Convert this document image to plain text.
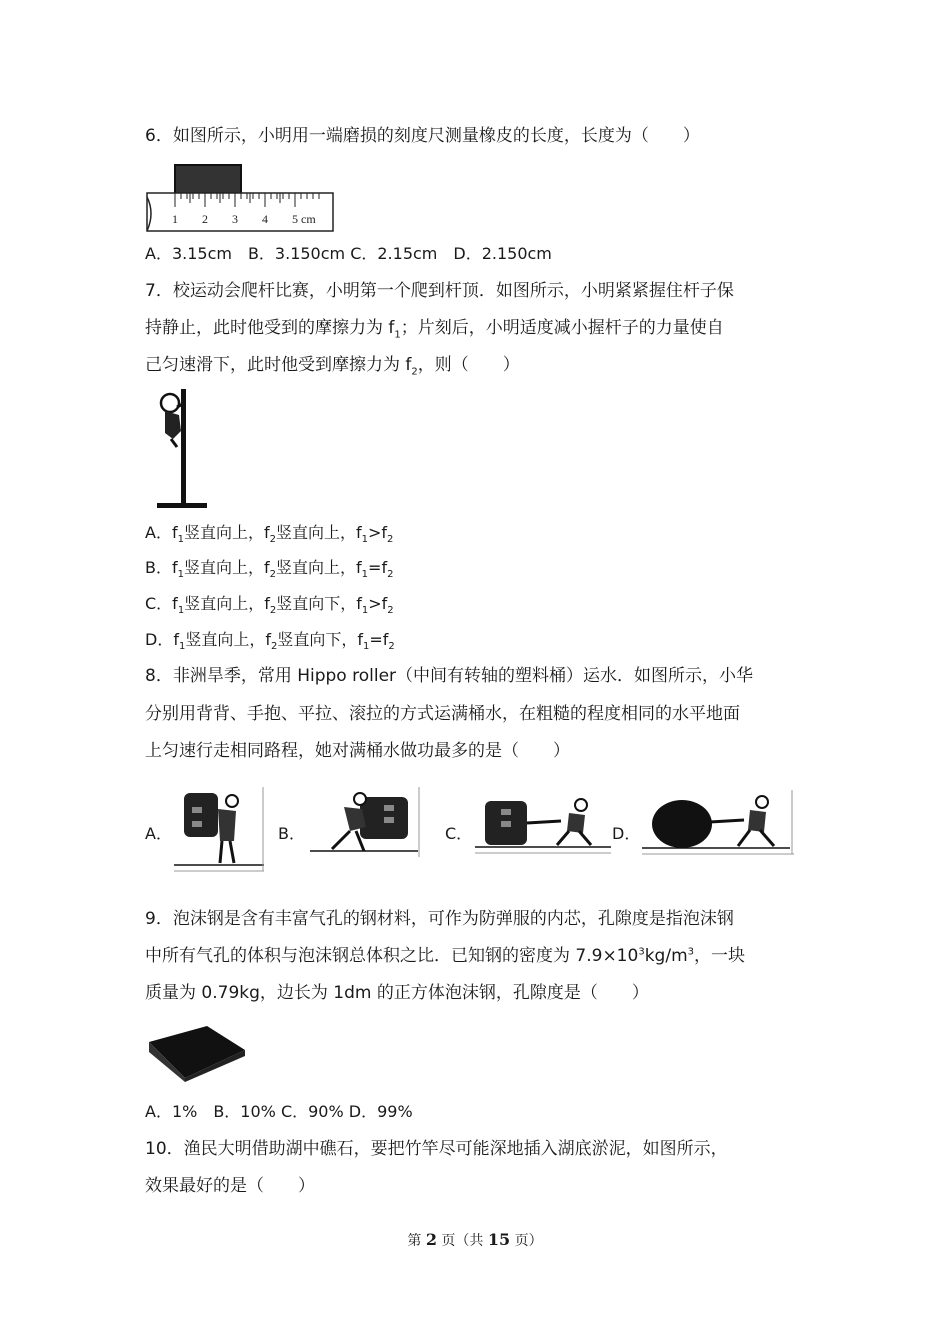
6．如图所示，小明用一端磨损的刻度尺测量橡皮的长度，长度为（　　）
1 2 3 4 5 cm
A．3.15cm　B．3.150cm C．2.15cm　D．2.150cm
7．校运动会爬杆比赛，小明第一个爬到杆顶．如图所示，小明紧紧握住杆子保
持静止，此时他受到的摩擦力为 $f_1$；片刻后，小明适度减小握杆子的力量使自
己匀速滑下，此时他受到摩擦力为 $f_2$，则（　　）
A．$f_1$竖直向上，$f_2$竖直向上，$f_1>f_2$
B．$f_1$竖直向上，$f_2$竖直向上，$f_1=f_2$
C．$f_1$竖直向上，$f_2$竖直向下，$f_1>f_2$
D．$f_1$竖直向上，$f_2$竖直向下，$f_1=f_2$
8．非洲旱季，常用 Hippo roller（中间有转轴的塑料桶）运水．如图所示，小华
分别用背背、手抱、平拉、滚拉的方式运满桶水，在粗糙的程度相同的水平地面
上匀速行走相同路程，她对满桶水做功最多的是（　　）
A．	B．	C．	D．
9．泡沫钢是含有丰富气孔的钢材料，可作为防弹服的内芯，孔隙度是指泡沫钢
中所有气孔的体积与泡沫钢总体积之比．已知钢的密度为 $7.9\times 10^3kg/m^3$，一块
质量为 0.79kg，边长为 1dm 的正方体泡沫钢，孔隙度是（　　）
A．1%　B．10% C．90% D．99%
10．渔民大明借助湖中礁石，要把竹竿尽可能深地插入湖底淤泥，如图所示，
效果最好的是（　　）
第 2 页（共 15 页）
